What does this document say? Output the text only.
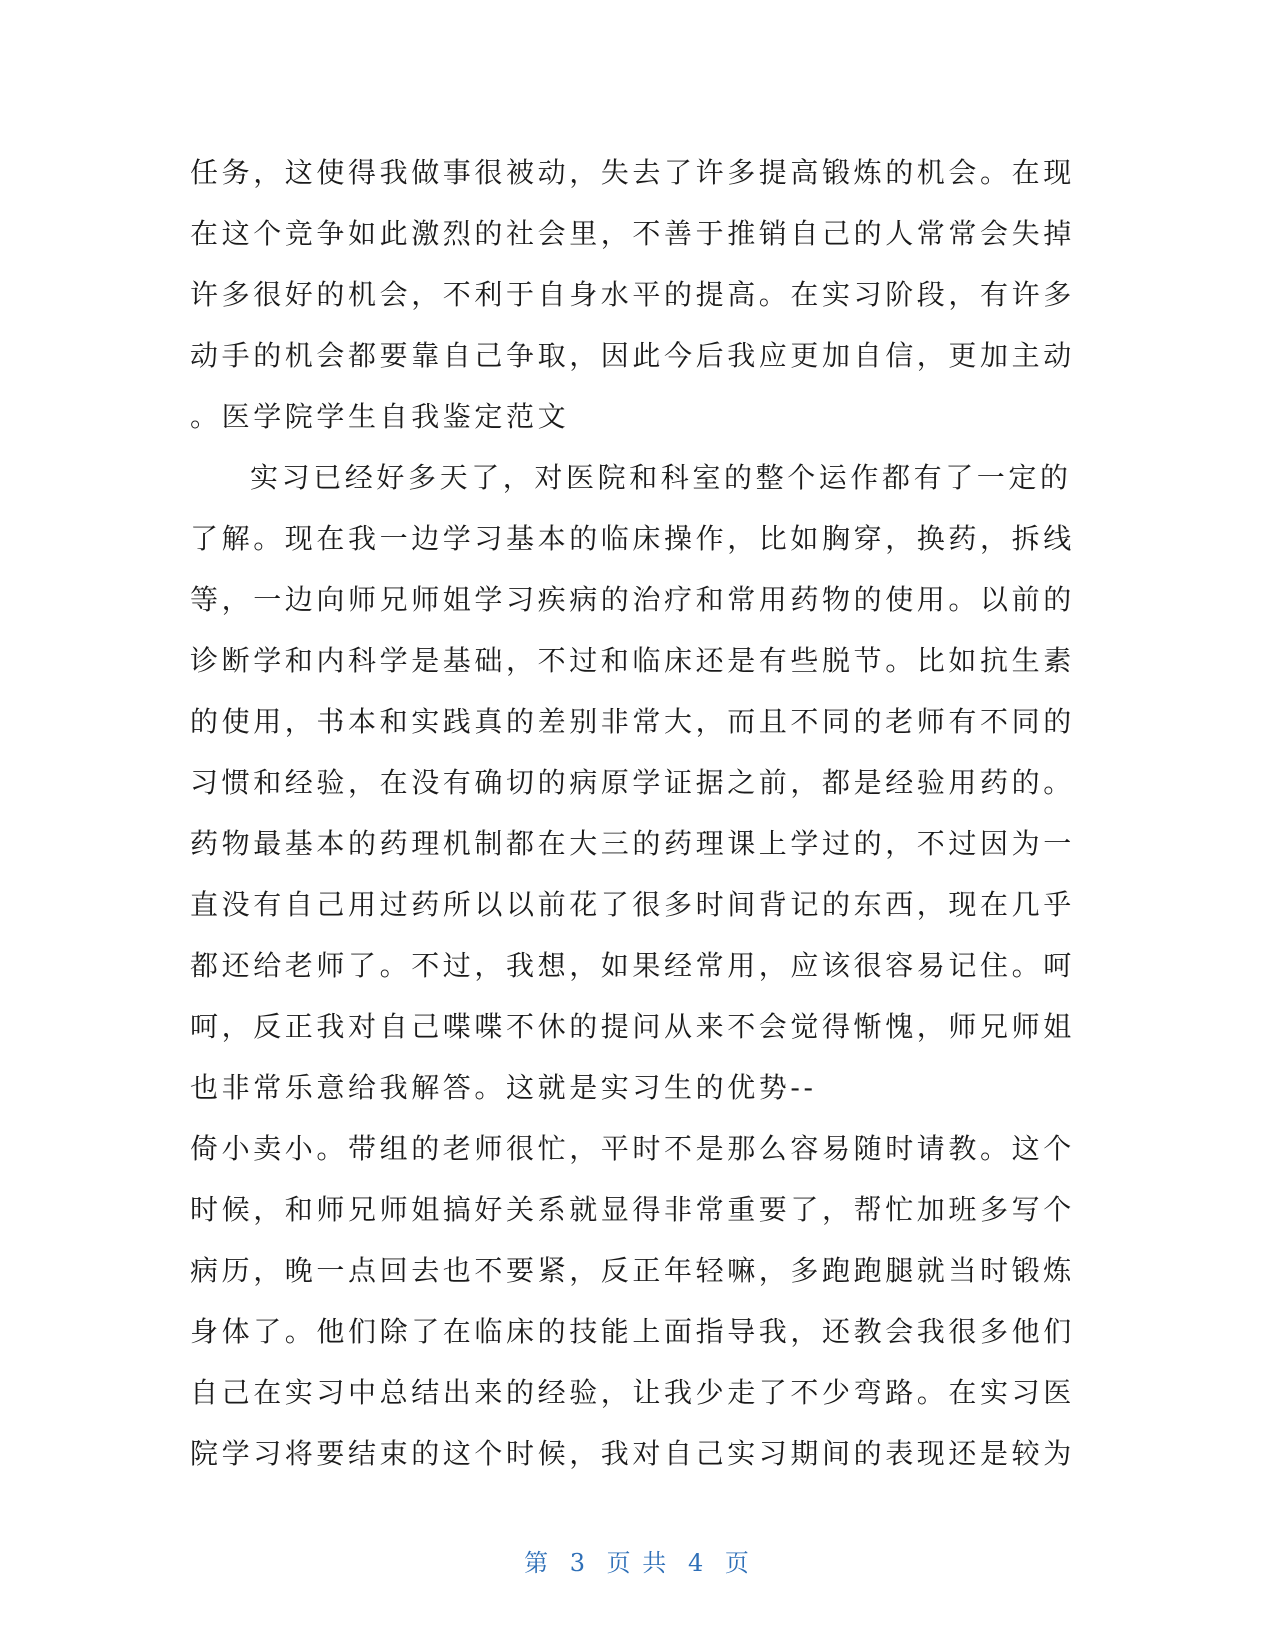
任务，这使得我做事很被动，失去了许多提高锻炼的机会。在现
在这个竞争如此激烈的社会里，不善于推销自己的人常常会失掉
许多很好的机会，不利于自身水平的提高。在实习阶段，有许多
动手的机会都要靠自己争取，因此今后我应更加自信，更加主动
。医学院学生自我鉴定范文
实习已经好多天了，对医院和科室的整个运作都有了一定的
了解。现在我一边学习基本的临床操作，比如胸穿，换药，拆线
等，一边向师兄师姐学习疾病的治疗和常用药物的使用。以前的
诊断学和内科学是基础，不过和临床还是有些脱节。比如抗生素
的使用，书本和实践真的差别非常大，而且不同的老师有不同的
习惯和经验，在没有确切的病原学证据之前，都是经验用药的。
药物最基本的药理机制都在大三的药理课上学过的，不过因为一
直没有自己用过药所以以前花了很多时间背记的东西，现在几乎
都还给老师了。不过，我想，如果经常用，应该很容易记住。呵
呵，反正我对自己喋喋不休的提问从来不会觉得惭愧，师兄师姐
也非常乐意给我解答。这就是实习生的优势--
倚小卖小。带组的老师很忙，平时不是那么容易随时请教。这个
时候，和师兄师姐搞好关系就显得非常重要了，帮忙加班多写个
病历，晚一点回去也不要紧，反正年轻嘛，多跑跑腿就当时锻炼
身体了。他们除了在临床的技能上面指导我，还教会我很多他们
自己在实习中总结出来的经验，让我少走了不少弯路。在实习医
院学习将要结束的这个时候，我对自己实习期间的表现还是较为
第 3 页 共 4 页
